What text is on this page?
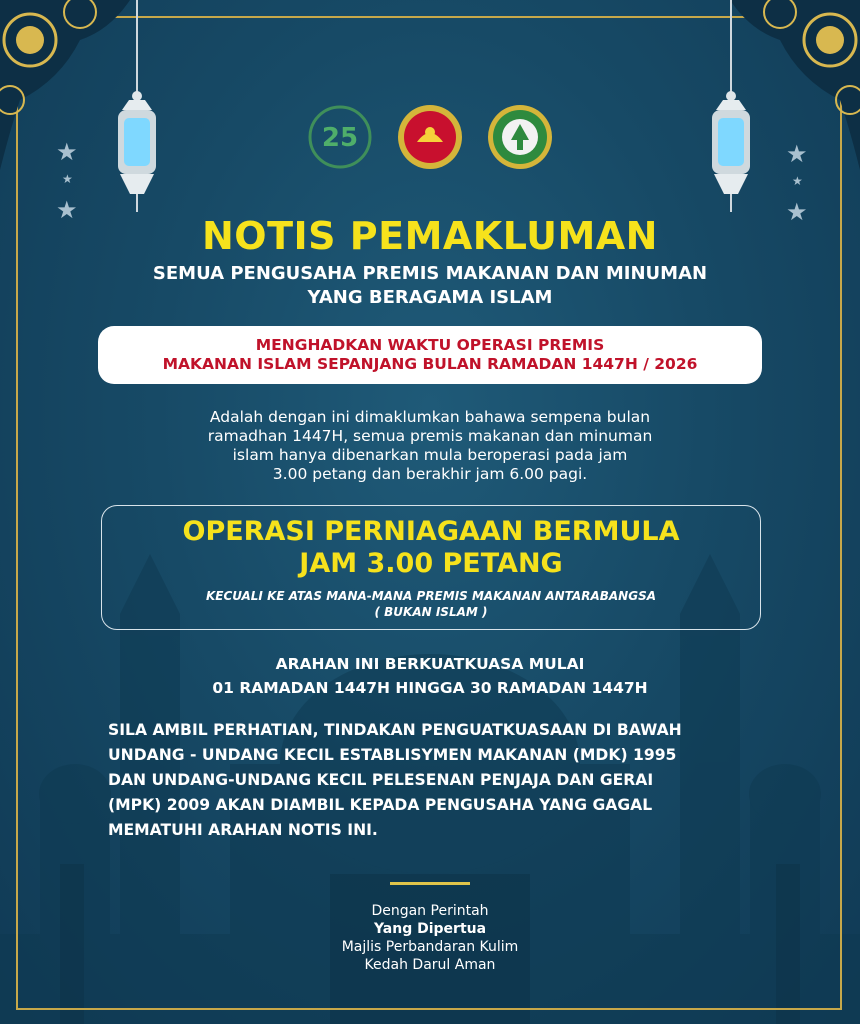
★
★
★
★
★
★
25
NOTIS PEMAKLUMAN
SEMUA PENGUSAHA PREMIS MAKANAN DAN MINUMAN
YANG BERAGAMA ISLAM
MENGHADKAN WAKTU OPERASI PREMIS
MAKANAN ISLAM SEPANJANG BULAN RAMADAN 1447H / 2026
Adalah dengan ini dimaklumkan bahawa sempena bulan
ramadhan 1447H, semua premis makanan dan minuman
islam hanya dibenarkan mula beroperasi pada jam
3.00 petang dan berakhir jam 6.00 pagi.
OPERASI PERNIAGAAN BERMULA
JAM 3.00 PETANG
KECUALI KE ATAS MANA-MANA PREMIS MAKANAN ANTARABANGSA
( BUKAN ISLAM )
ARAHAN INI BERKUATKUASA MULAI
01 RAMADAN 1447H HINGGA 30 RAMADAN 1447H
SILA AMBIL PERHATIAN, TINDAKAN PENGUATKUASAAN DI BAWAH
UNDANG - UNDANG KECIL ESTABLISYMEN MAKANAN (MDK) 1995
DAN UNDANG-UNDANG KECIL PELESENAN PENJAJA DAN GERAI
(MPK) 2009 AKAN DIAMBIL KEPADA PENGUSAHA YANG GAGAL
MEMATUHI ARAHAN NOTIS INI.
Dengan Perintah
Yang Dipertua
Majlis Perbandaran Kulim
Kedah Darul Aman
